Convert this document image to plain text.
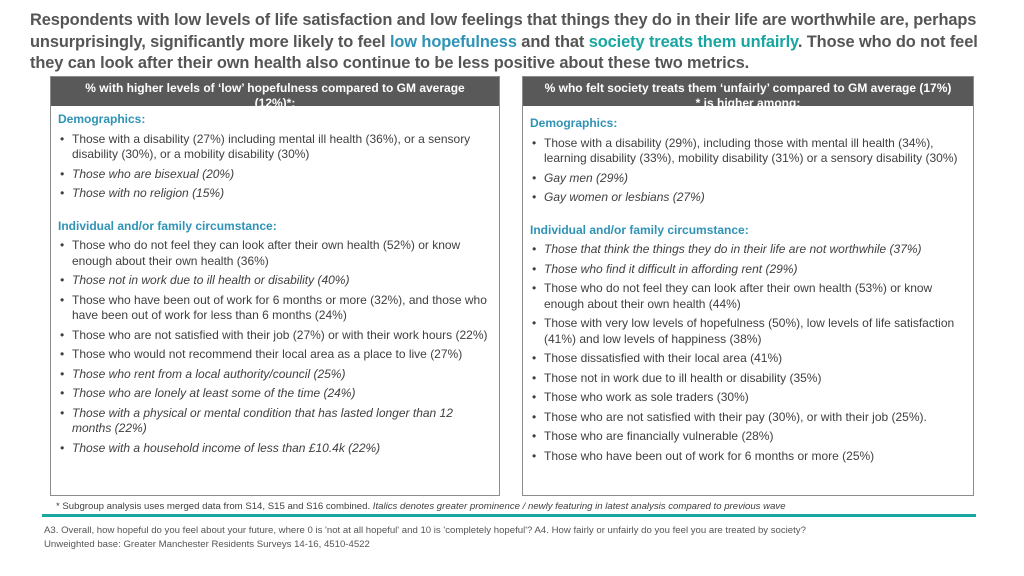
Respondents with low levels of life satisfaction and low feelings that things they do in their life are worthwhile are, perhaps unsurprisingly, significantly more likely to feel low hopefulness and that society treats them unfairly. Those who do not feel they can look after their own health also continue to be less positive about these two metrics.
% with higher levels of ‘low’ hopefulness compared to GM average (12%)*:
Demographics:
• Those with a disability (27%) including mental ill health (36%), or a sensory disability (30%), or a mobility disability (30%)
• Those who are bisexual (20%)
• Those with no religion (15%)
Individual and/or family circumstance:
• Those who do not feel they can look after their own health (52%) or know enough about their own health (36%)
• Those not in work due to ill health or disability (40%)
• Those who have been out of work for 6 months or more (32%), and those who have been out of work for less than 6 months (24%)
• Those who are not satisfied with their job (27%) or with their work hours (22%)
• Those who would not recommend their local area as a place to live (27%)
• Those who rent from a local authority/council (25%)
• Those who are lonely at least some of the time (24%)
• Those with a physical or mental condition that has lasted longer than 12 months (22%)
• Those with a household income of less than £10.4k (22%)
% who felt society treats them ‘unfairly’ compared to GM average (17%) * is higher among:
Demographics:
• Those with a disability (29%), including those with mental ill health (34%), learning disability (33%), mobility disability (31%) or a sensory disability (30%)
• Gay men (29%)
• Gay women or lesbians (27%)
Individual and/or family circumstance:
• Those that think the things they do in their life are not worthwhile (37%)
• Those who find it difficult in affording rent (29%)
• Those who do not feel they can look after their own health (53%) or know enough about their own health (44%)
• Those with very low levels of hopefulness (50%), low levels of life satisfaction (41%) and low levels of happiness (38%)
• Those dissatisfied with their local area (41%)
• Those not in work due to ill health or disability (35%)
• Those who work as sole traders (30%)
• Those who are not satisfied with their pay (30%), or with their job (25%).
• Those who are financially vulnerable (28%)
• Those who have been out of work for 6 months or more (25%)
* Subgroup analysis uses merged data from S14, S15 and S16 combined. Italics denotes greater prominence / newly featuring in latest analysis compared to previous wave
A3. Overall, how hopeful do you feel about your future, where 0 is 'not at all hopeful' and 10 is 'completely hopeful'? A4. How fairly or unfairly do you feel you are treated by society?
Unweighted base: Greater Manchester Residents Surveys 14-16, 4510-4522
